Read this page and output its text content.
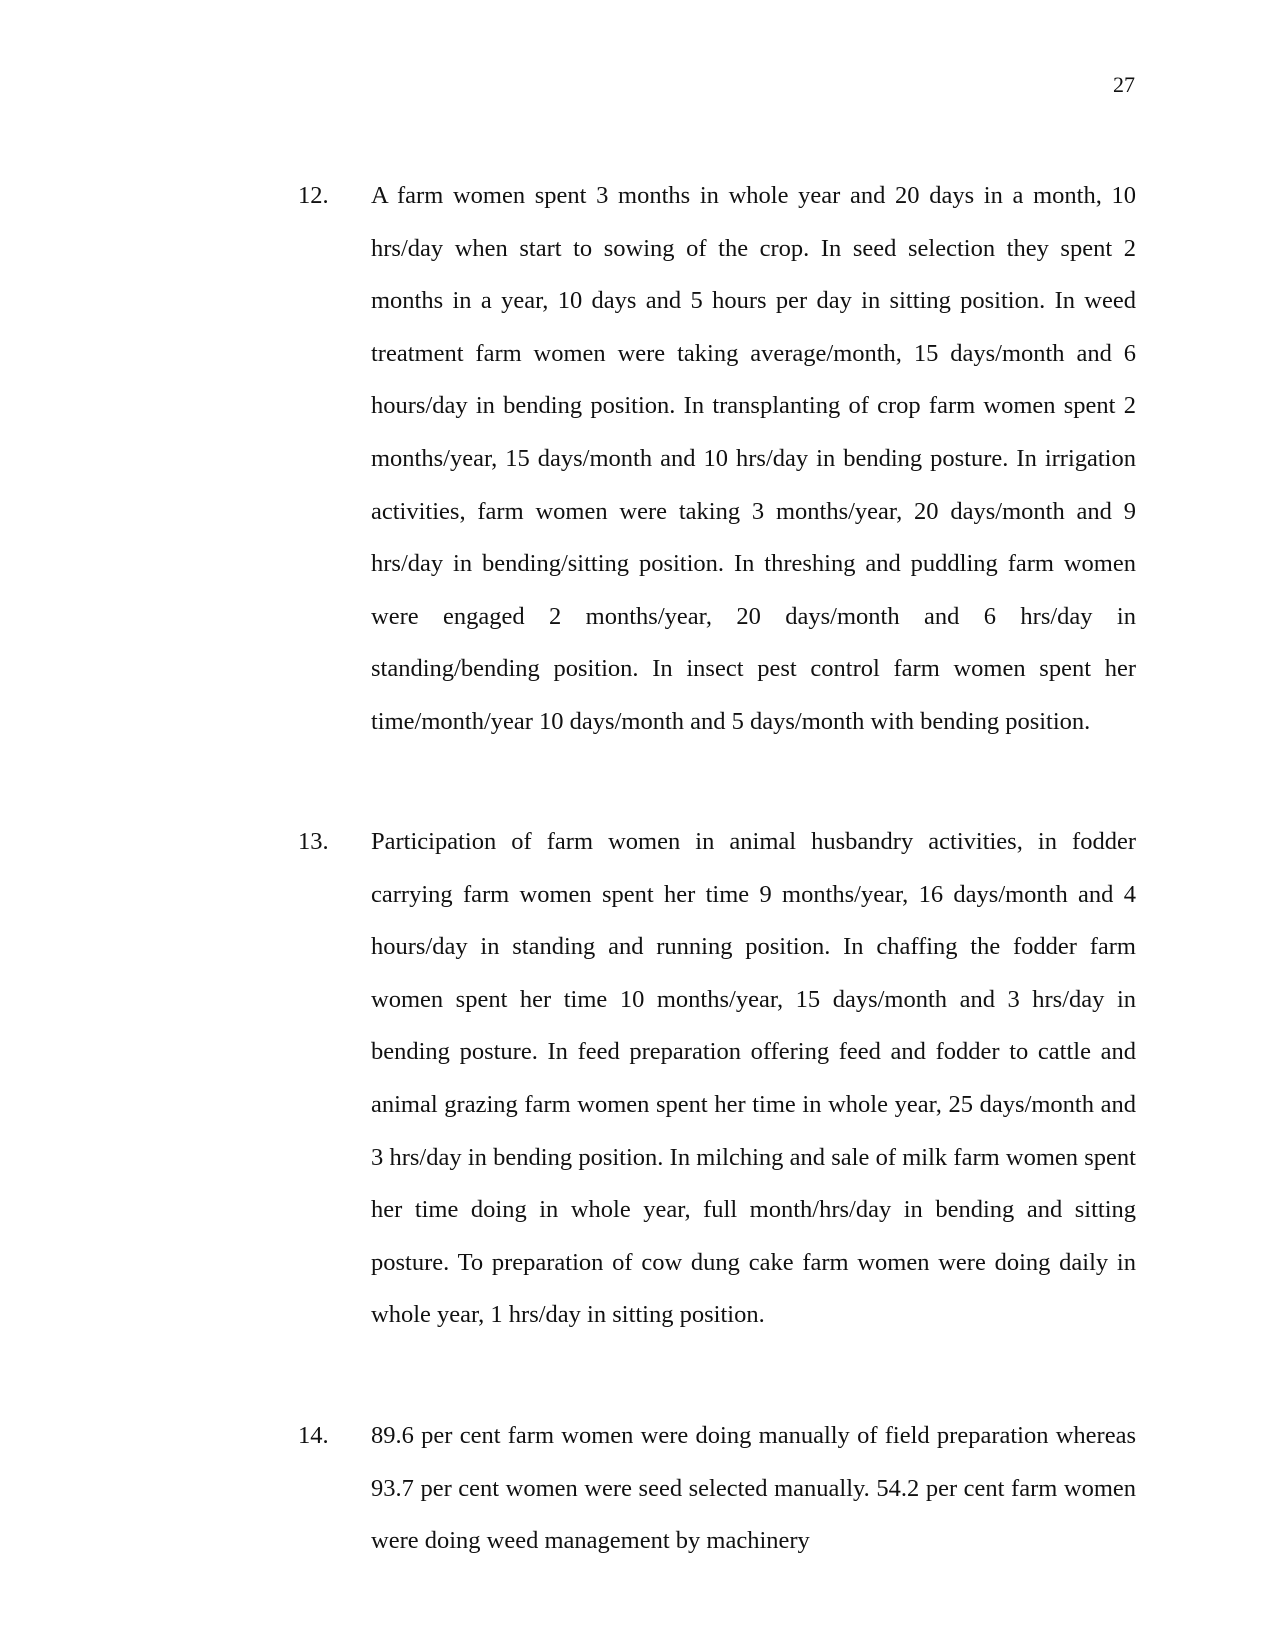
27
12. A farm women spent 3 months in whole year and 20 days in a month, 10 hrs/day when start to sowing of the crop. In seed selection they spent 2 months in a year, 10 days and 5 hours per day in sitting position. In weed treatment farm women were taking average/month, 15 days/month and 6 hours/day in bending position. In transplanting of crop farm women spent 2 months/year, 15 days/month and 10 hrs/day in bending posture. In irrigation activities, farm women were taking 3 months/year, 20 days/month and 9 hrs/day in bending/sitting position. In threshing and puddling farm women were engaged 2 months/year, 20 days/month and 6 hrs/day in standing/bending position. In insect pest control farm women spent her time/month/year 10 days/month and 5 days/month with bending position.
13. Participation of farm women in animal husbandry activities, in fodder carrying farm women spent her time 9 months/year, 16 days/month and 4 hours/day in standing and running position. In chaffing the fodder farm women spent her time 10 months/year, 15 days/month and 3 hrs/day in bending posture. In feed preparation offering feed and fodder to cattle and animal grazing farm women spent her time in whole year, 25 days/month and 3 hrs/day in bending position. In milching and sale of milk farm women spent her time doing in whole year, full month/hrs/day in bending and sitting posture. To preparation of cow dung cake farm women were doing daily in whole year, 1 hrs/day in sitting position.
14. 89.6 per cent farm women were doing manually of field preparation whereas 93.7 per cent women were seed selected manually. 54.2 per cent farm women were doing weed management by machinery
